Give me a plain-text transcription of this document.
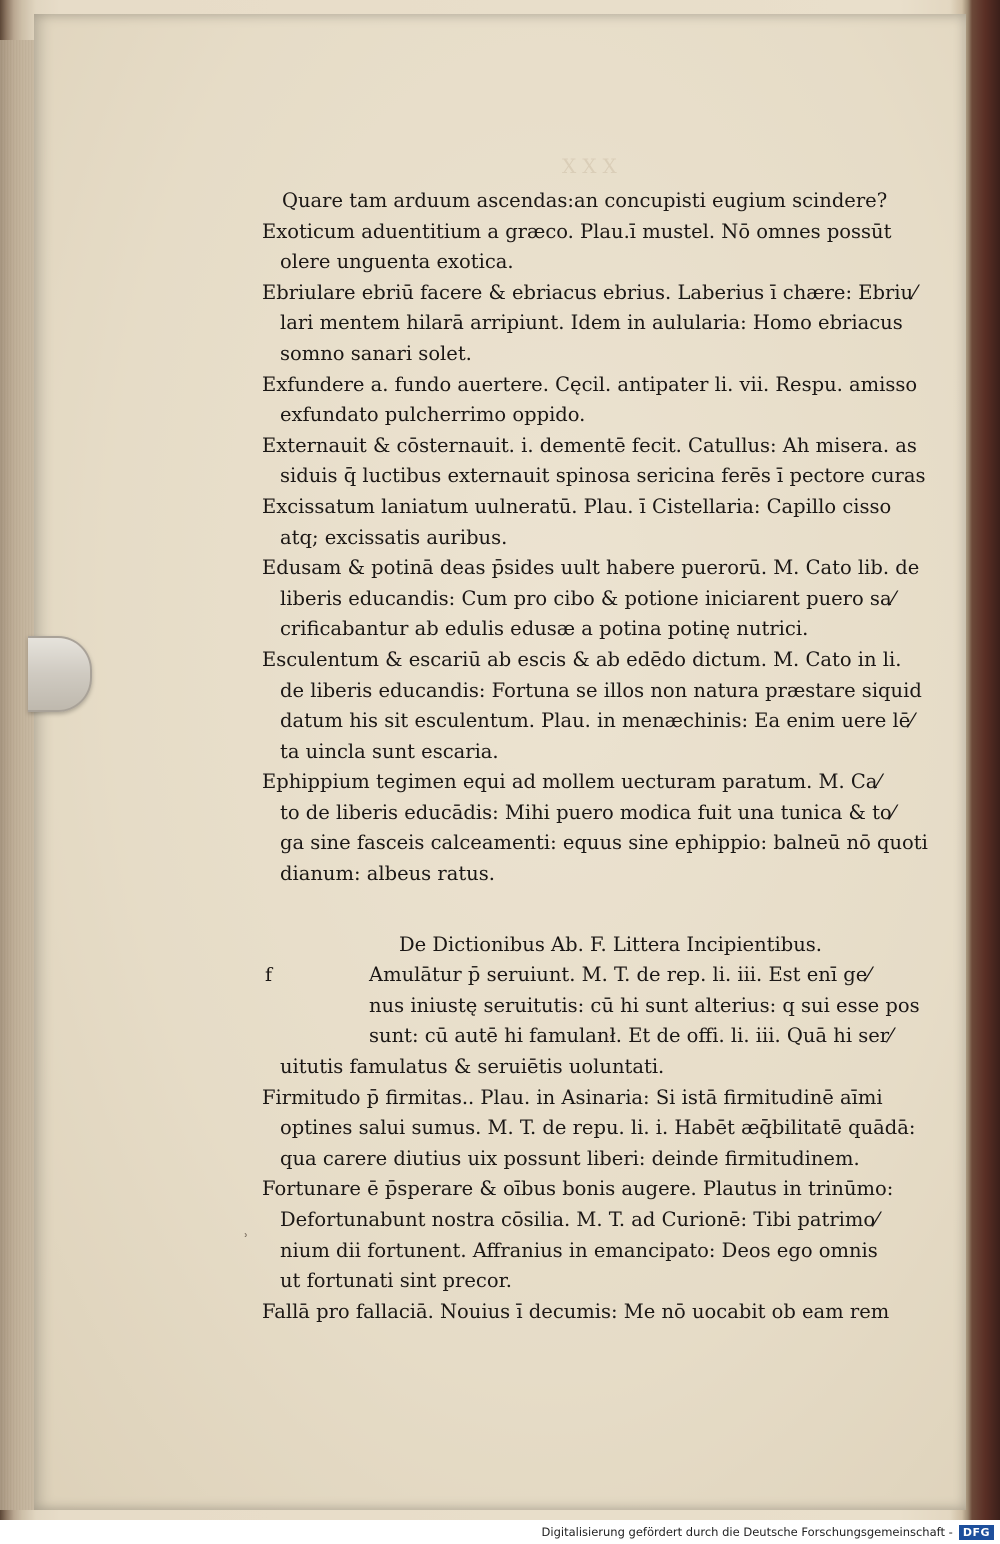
XXX
Quare tam arduum ascendas:an concupisti eugium scindere?
Exoticum aduentitium a græco. Plau.ī mustel. Nō omnes possūt
olere unguenta exotica.
Ebriulare ebriū facere & ebriacus ebrius. Laberius ī chære: Ebriu⁄
lari mentem hilarā arripiunt. Idem in aulularia: Homo ebriacus
somno sanari solet.
Exfundere a. fundo auertere. Cęcil. antipater li. vii. Respu. amisso
exfundato pulcherrimo oppido.
Externauit & cōsternauit. i. dementē fecit. Catullus: Ah misera. as
siduis q̄ luctibus externauit spinosa sericina ferēs ī pectore curas
Excissatum laniatum uulneratū. Plau. ī Cistellaria: Capillo cisso
atq; excissatis auribus.
Edusam & potinā deas p̄sides uult habere puerorū. M. Cato lib. de
liberis educandis: Cum pro cibo & potione iniciarent puero sa⁄
crificabantur ab edulis edusæ a potina potinę nutrici.
Esculentum & escariū ab escis & ab edēdo dictum. M. Cato in li.
de liberis educandis: Fortuna se illos non natura præstare siquid
datum his sit esculentum. Plau. in menæchinis: Ea enim uere lē⁄
ta uincla sunt escaria.
Ephippium tegimen equi ad mollem uecturam paratum. M. Ca⁄
to de liberis educādis: Mihi puero modica fuit una tunica & to⁄
ga sine fasceis calceamenti: equus sine ephippio: balneū nō quoti
dianum: albeus ratus.
De Dictionibus Ab. F. Littera Incipientibus.
f	Amulātur p̄ seruiunt. M. T. de rep. li. iii. Est enī ge⁄
nus iniustę seruitutis: cū hi sunt alterius: q sui esse pos
sunt: cū autē hi famulanł. Et de offi. li. iii. Quā hi ser⁄
uitutis famulatus & seruiētis uoluntati.
Firmitudo p̄ firmitas.. Plau. in Asinaria: Si istā firmitudinē aīmi
optines salui sumus. M. T. de repu. li. i. Habēt æq̄bilitatē quādā:
qua carere diutius uix possunt liberi: deinde firmitudinem.
Fortunare ē p̄sperare & oībus bonis augere. Plautus in trinūmo:
Defortunabunt nostra cōsilia. M. T. ad Curionē: Tibi patrimo⁄
nium dii fortunent. Affranius in emancipato: Deos ego omnis
ut fortunati sint precor.
Fallā pro fallaciā. Nouius ī decumis: Me nō uocabit ob eam rem
ʾ
Digitalisierung gefördert durch die Deutsche Forschungsgemeinschaft - DFG
